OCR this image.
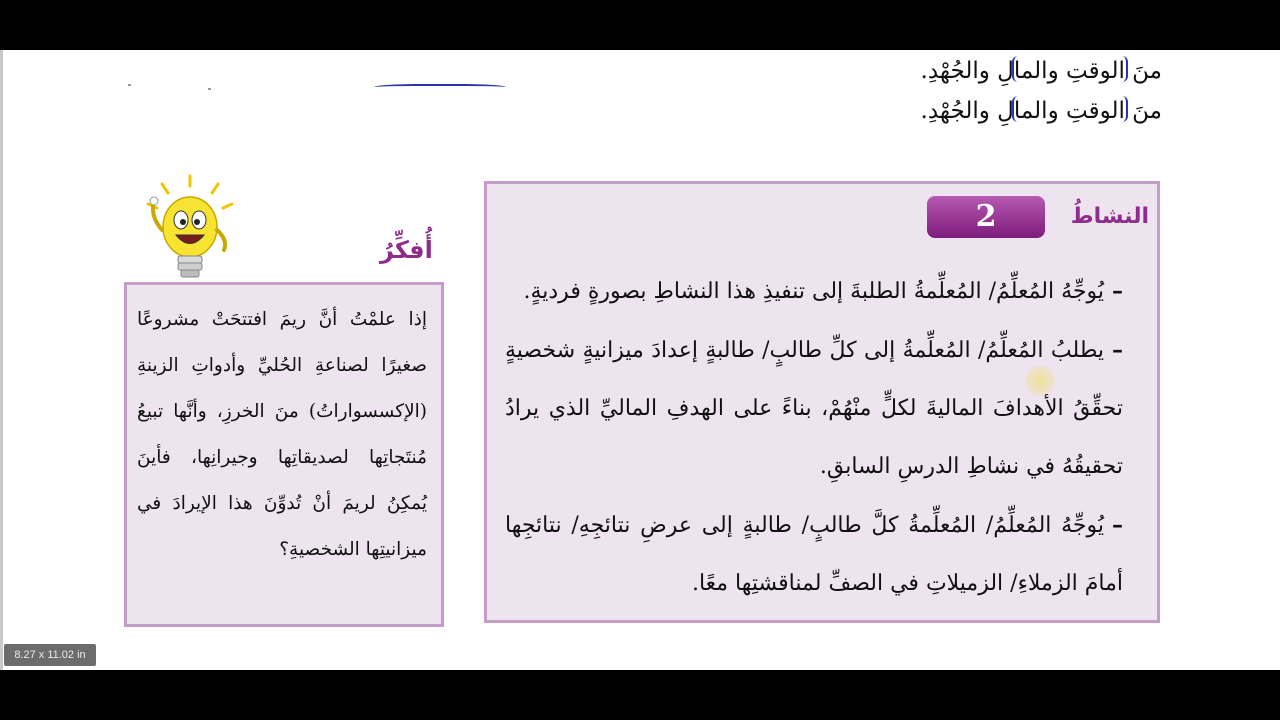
منَ الوقتِ والمالِ والجُهْدِ.
منَ الوقتِ والمالِ والجُهْدِ.
أُفكِّرُ

إذا علمْتُ أنَّ ريمَ افتتحَتْ مشروعًا صغيرًا لصناعةِ الحُليِّ وأدواتِ الزينةِ (الإكسسواراتُ) منَ الخرزِ، وأنَّها تبيعُ مُنتَجاتِها لصديقاتِها وجيرانِها، فأينَ يُمكِنُ لريمَ أنْ تُدوِّنَ هذا الإيرادَ في ميزانيتِها الشخصيةِ؟

النشاطُ
2

–يُوجِّهُ المُعلِّمُ/ المُعلِّمةُ الطلبةَ إلى تنفيذِ هذا النشاطِ بصورةٍ فرديةٍ.

–يطلبُ المُعلِّمُ/ المُعلِّمةُ إلى كلِّ طالبٍ/ طالبةٍ إعدادَ ميزانيةٍ شخصيةٍ تحقِّقُ الأهدافَ الماليةَ لكلٍّ منْهُمْ، بناءً على الهدفِ الماليِّ الذي يرادُ تحقيقُهُ في نشاطِ الدرسِ السابقِ.

–يُوجِّهُ المُعلِّمُ/ المُعلِّمةُ كلَّ طالبٍ/ طالبةٍ إلى عرضِ نتائجِهِ/ نتائجِها أمامَ الزملاءِ/ الزميلاتِ في الصفِّ لمناقشتِها معًا.

8.27 x 11.02 in
